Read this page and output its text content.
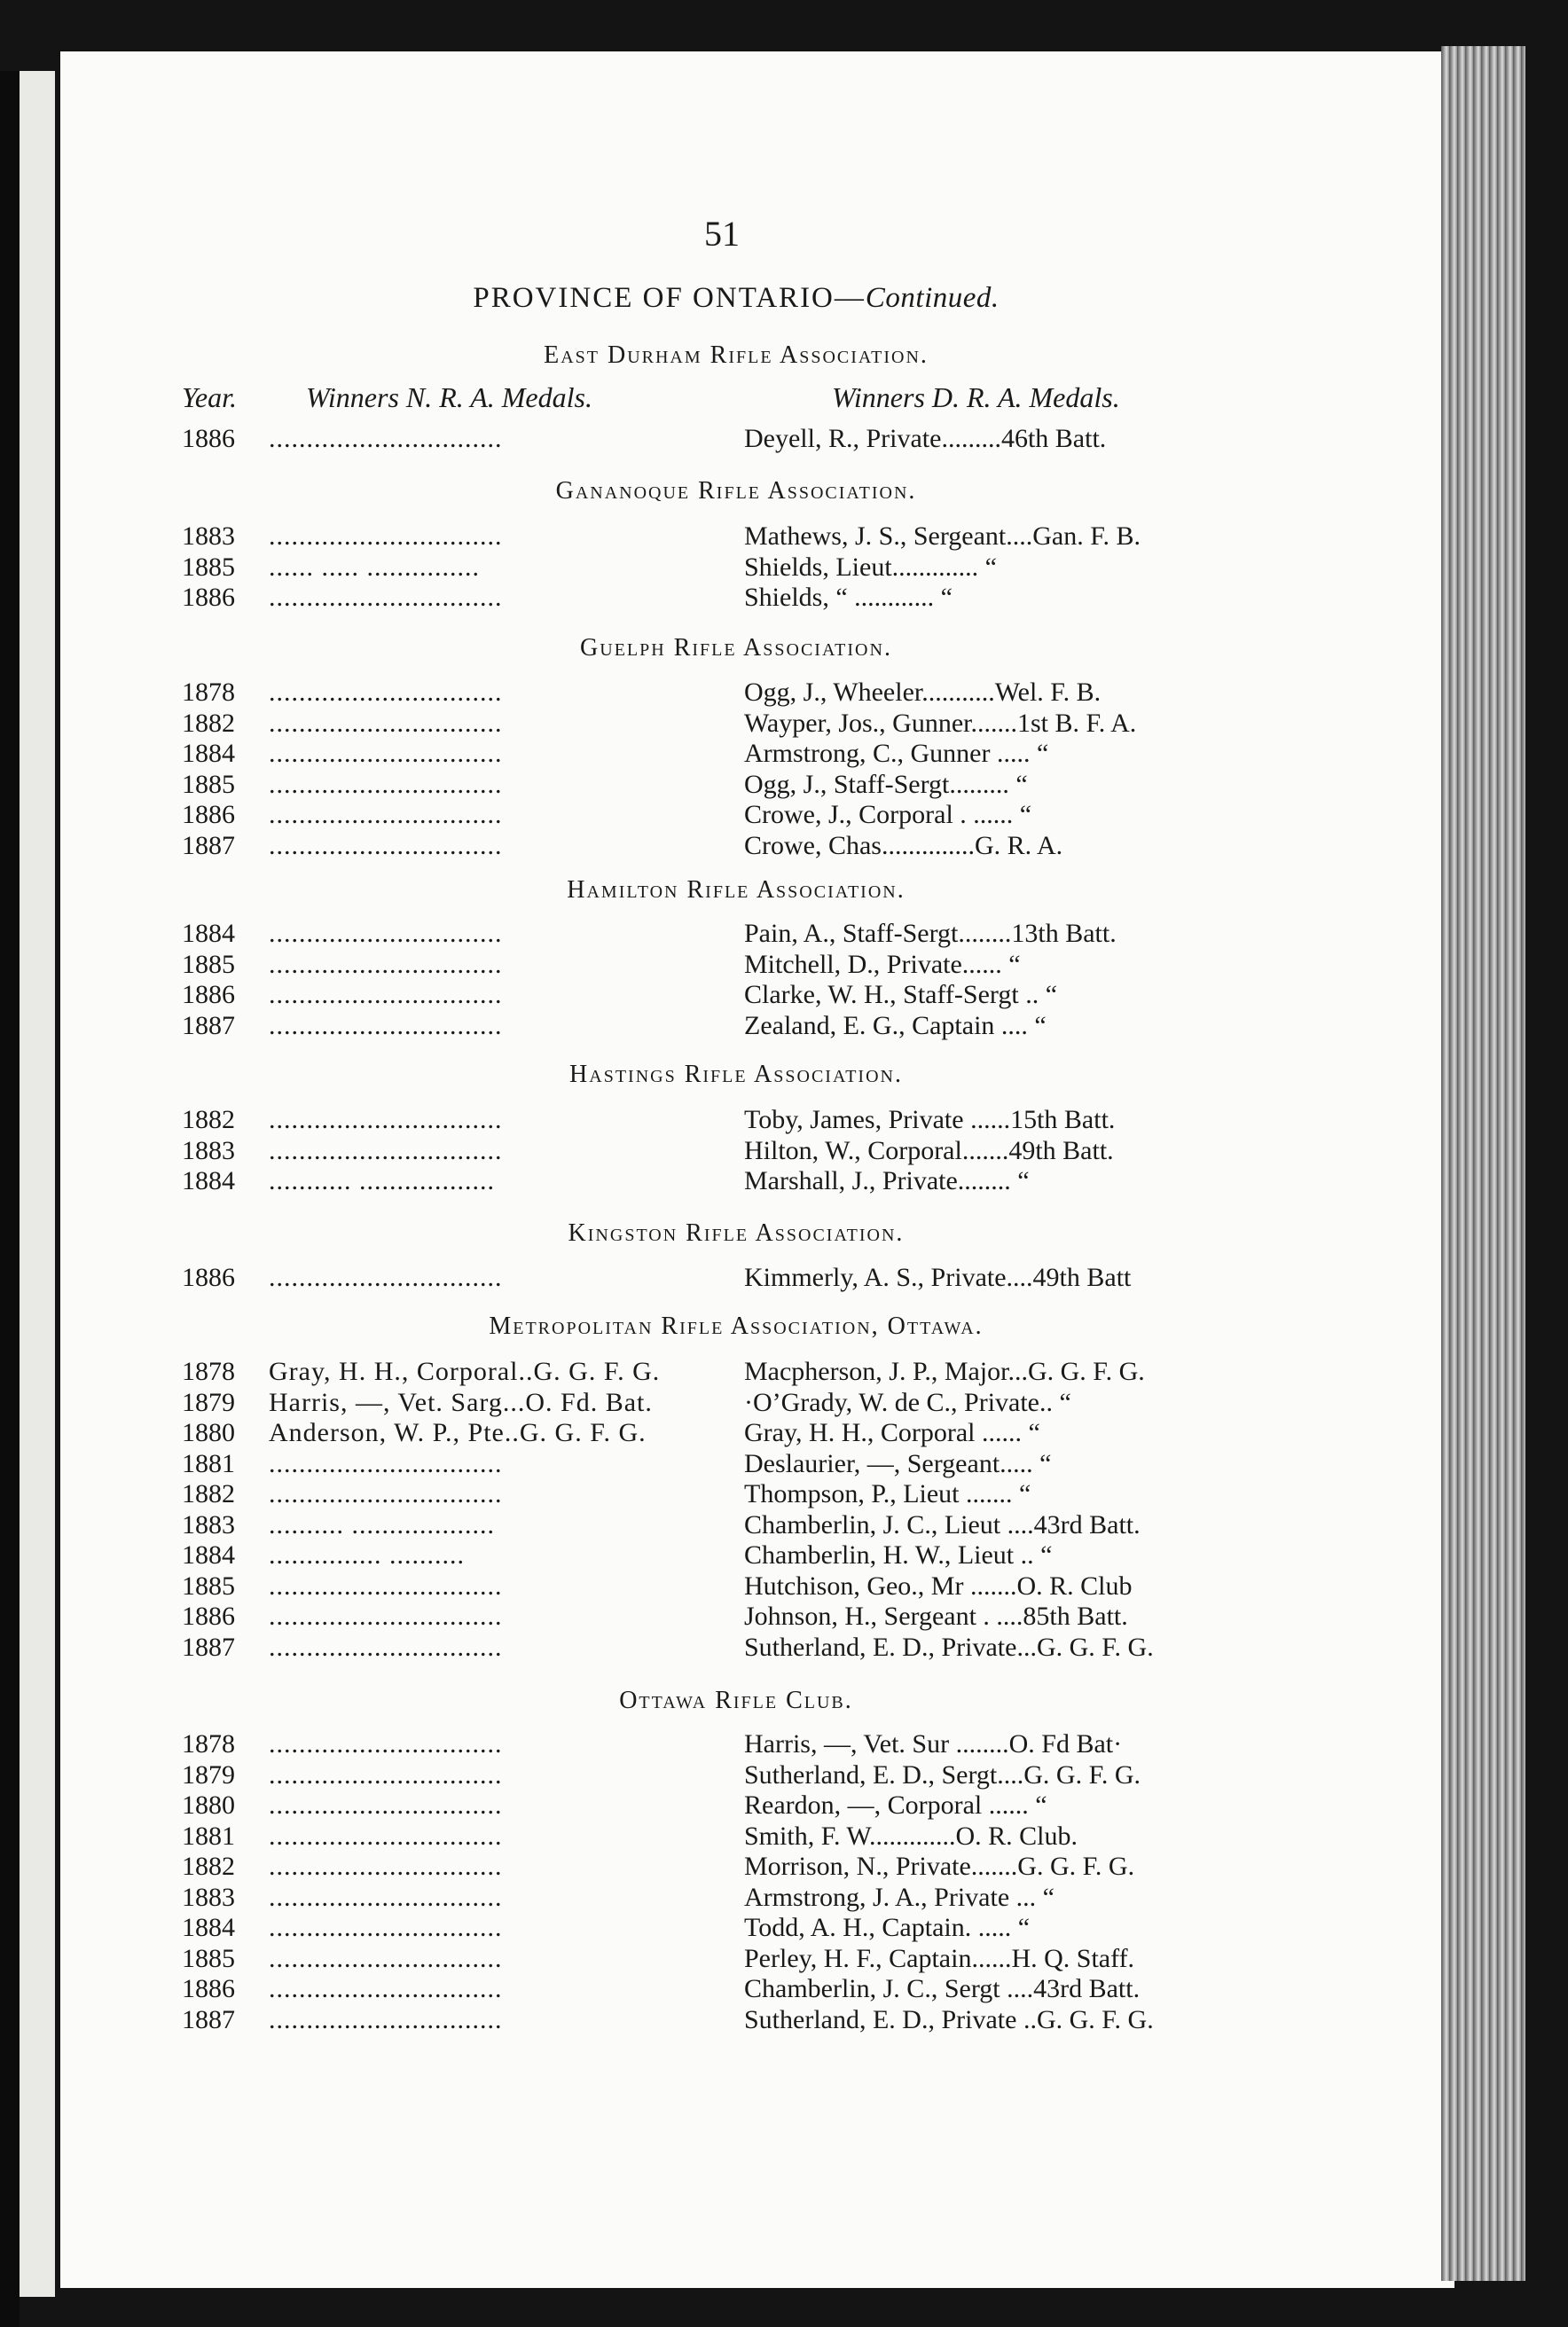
51
PROVINCE OF ONTARIO—Continued.
Year. Winners N. R. A. Medals.	Winners D. R. A. Medals.
East Durham Rifle Association.
1886	...............................	Deyell, R., Private.........46th Batt.
Gananoque Rifle Association.
1883	...............................	Mathews, J. S., Sergeant....Gan. F. B.
1885	...... ..... ...............	Shields, Lieut............. “
1886	...............................	Shields, “ ............ “
Guelph Rifle Association.
1878	...............................	Ogg, J., Wheeler...........Wel. F. B.
1882	...............................	Wayper, Jos., Gunner.......1st B. F. A.
1884	...............................	Armstrong, C., Gunner ..... “
1885	...............................	Ogg, J., Staff-Sergt......... “
1886	...............................	Crowe, J., Corporal . ...... “
1887	...............................	Crowe, Chas..............G. R. A.
Hamilton Rifle Association.
1884	...............................	Pain, A., Staff-Sergt........13th Batt.
1885	...............................	Mitchell, D., Private...... “
1886	...............................	Clarke, W. H., Staff-Sergt .. “
1887	...............................	Zealand, E. G., Captain .... “
Hastings Rifle Association.
1882	...............................	Toby, James, Private ......15th Batt.
1883	...............................	Hilton, W., Corporal.......49th Batt.
1884	........... ..................	Marshall, J., Private........ “
Kingston Rifle Association.
1886	...............................	Kimmerly, A. S., Private....49th Batt
Metropolitan Rifle Association, Ottawa.
1878	Gray, H. H., Corporal..G. G. F. G.	Macpherson, J. P., Major...G. G. F. G.
1879	Harris, —, Vet. Sarg...O. Fd. Bat.	·O’Grady, W. de C., Private.. “
1880	Anderson, W. P., Pte..G. G. F. G.	Gray, H. H., Corporal ...... “
1881	...............................	Deslaurier, —, Sergeant..... “
1882	...............................	Thompson, P., Lieut ....... “
1883	.......... ...................	Chamberlin, J. C., Lieut ....43rd Batt.
1884	............... ..........	Chamberlin, H. W., Lieut .. “
1885	...............................	Hutchison, Geo., Mr .......O. R. Club
1886	...............................	Johnson, H., Sergeant . ....85th Batt.
1887	...............................	Sutherland, E. D., Private...G. G. F. G.
Ottawa Rifle Club.
1878	...............................	Harris, —, Vet. Sur ........O. Fd Bat·
1879	...............................	Sutherland, E. D., Sergt....G. G. F. G.
1880	...............................	Reardon, —, Corporal ...... “
1881	...............................	Smith, F. W.............O. R. Club.
1882	...............................	Morrison, N., Private.......G. G. F. G.
1883	...............................	Armstrong, J. A., Private ... “
1884	...............................	Todd, A. H., Captain. ..... “
1885	...............................	Perley, H. F., Captain......H. Q. Staff.
1886	...............................	Chamberlin, J. C., Sergt ....43rd Batt.
1887	...............................	Sutherland, E. D., Private ..G. G. F. G.
